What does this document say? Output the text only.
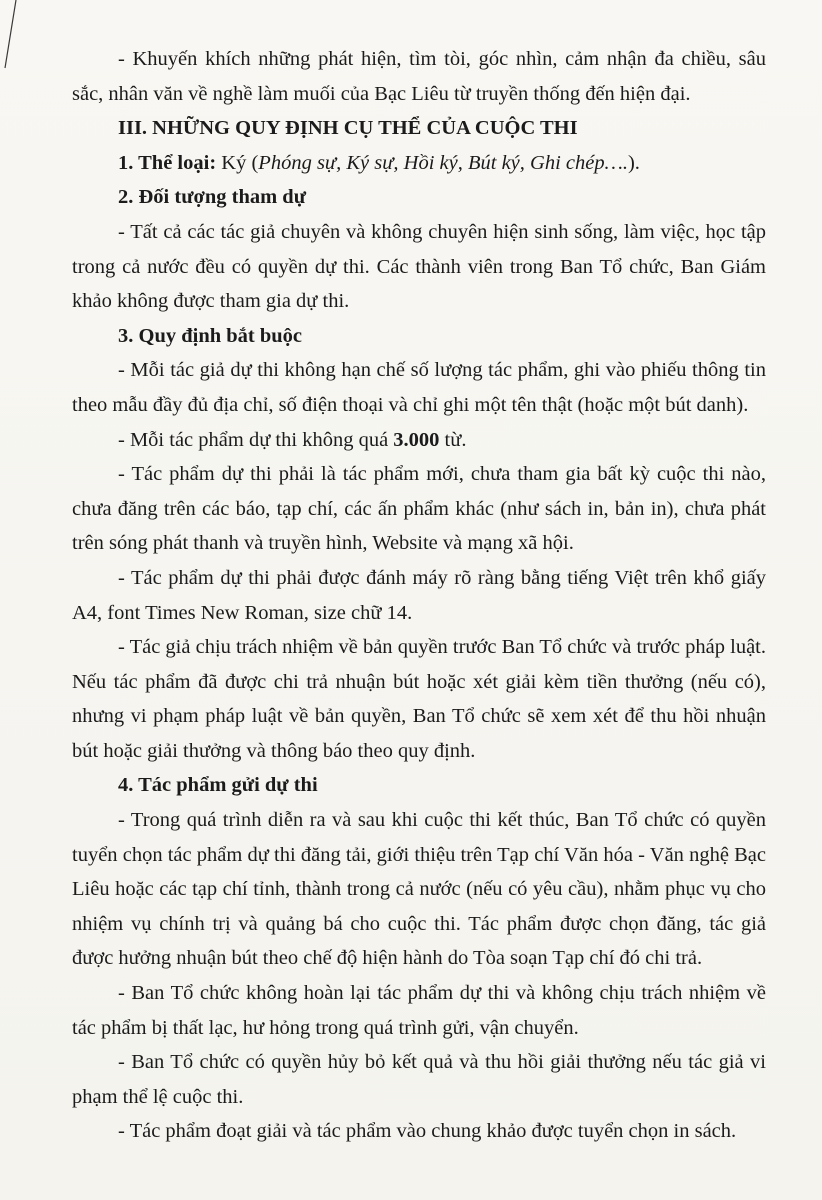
- Khuyến khích những phát hiện, tìm tòi, góc nhìn, cảm nhận đa chiều, sâu sắc, nhân văn về nghề làm muối của Bạc Liêu từ truyền thống đến hiện đại.

III. NHỮNG QUY ĐỊNH CỤ THỂ CỦA CUỘC THI

1. Thể loại: Ký (Phóng sự, Ký sự, Hồi ký, Bút ký, Ghi chép….).

2. Đối tượng tham dự

- Tất cả các tác giả chuyên và không chuyên hiện sinh sống, làm việc, học tập trong cả nước đều có quyền dự thi. Các thành viên trong Ban Tổ chức, Ban Giám khảo không được tham gia dự thi.

3. Quy định bắt buộc

- Mỗi tác giả dự thi không hạn chế số lượng tác phẩm, ghi vào phiếu thông tin theo mẫu đầy đủ địa chỉ, số điện thoại và chỉ ghi một tên thật (hoặc một bút danh).

- Mỗi tác phẩm dự thi không quá 3.000 từ.

- Tác phẩm dự thi phải là tác phẩm mới, chưa tham gia bất kỳ cuộc thi nào, chưa đăng trên các báo, tạp chí, các ấn phẩm khác (như sách in, bản in), chưa phát trên sóng phát thanh và truyền hình, Website và mạng xã hội.

- Tác phẩm dự thi phải được đánh máy rõ ràng bằng tiếng Việt trên khổ giấy A4, font Times New Roman, size chữ 14.

- Tác giả chịu trách nhiệm về bản quyền trước Ban Tổ chức và trước pháp luật. Nếu tác phẩm đã được chi trả nhuận bút hoặc xét giải kèm tiền thưởng (nếu có), nhưng vi phạm pháp luật về bản quyền, Ban Tổ chức sẽ xem xét để thu hồi nhuận bút hoặc giải thưởng và thông báo theo quy định.

4. Tác phẩm gửi dự thi

- Trong quá trình diễn ra và sau khi cuộc thi kết thúc, Ban Tổ chức có quyền tuyển chọn tác phẩm dự thi đăng tải, giới thiệu trên Tạp chí Văn hóa - Văn nghệ Bạc Liêu hoặc các tạp chí tỉnh, thành trong cả nước (nếu có yêu cầu), nhằm phục vụ cho nhiệm vụ chính trị và quảng bá cho cuộc thi. Tác phẩm được chọn đăng, tác giả được hưởng nhuận bút theo chế độ hiện hành do Tòa soạn Tạp chí đó chi trả.

- Ban Tổ chức không hoàn lại tác phẩm dự thi và không chịu trách nhiệm về tác phẩm bị thất lạc, hư hỏng trong quá trình gửi, vận chuyển.

- Ban Tổ chức có quyền hủy bỏ kết quả và thu hồi giải thưởng nếu tác giả vi phạm thể lệ cuộc thi.

- Tác phẩm đoạt giải và tác phẩm vào chung khảo được tuyển chọn in sách.
